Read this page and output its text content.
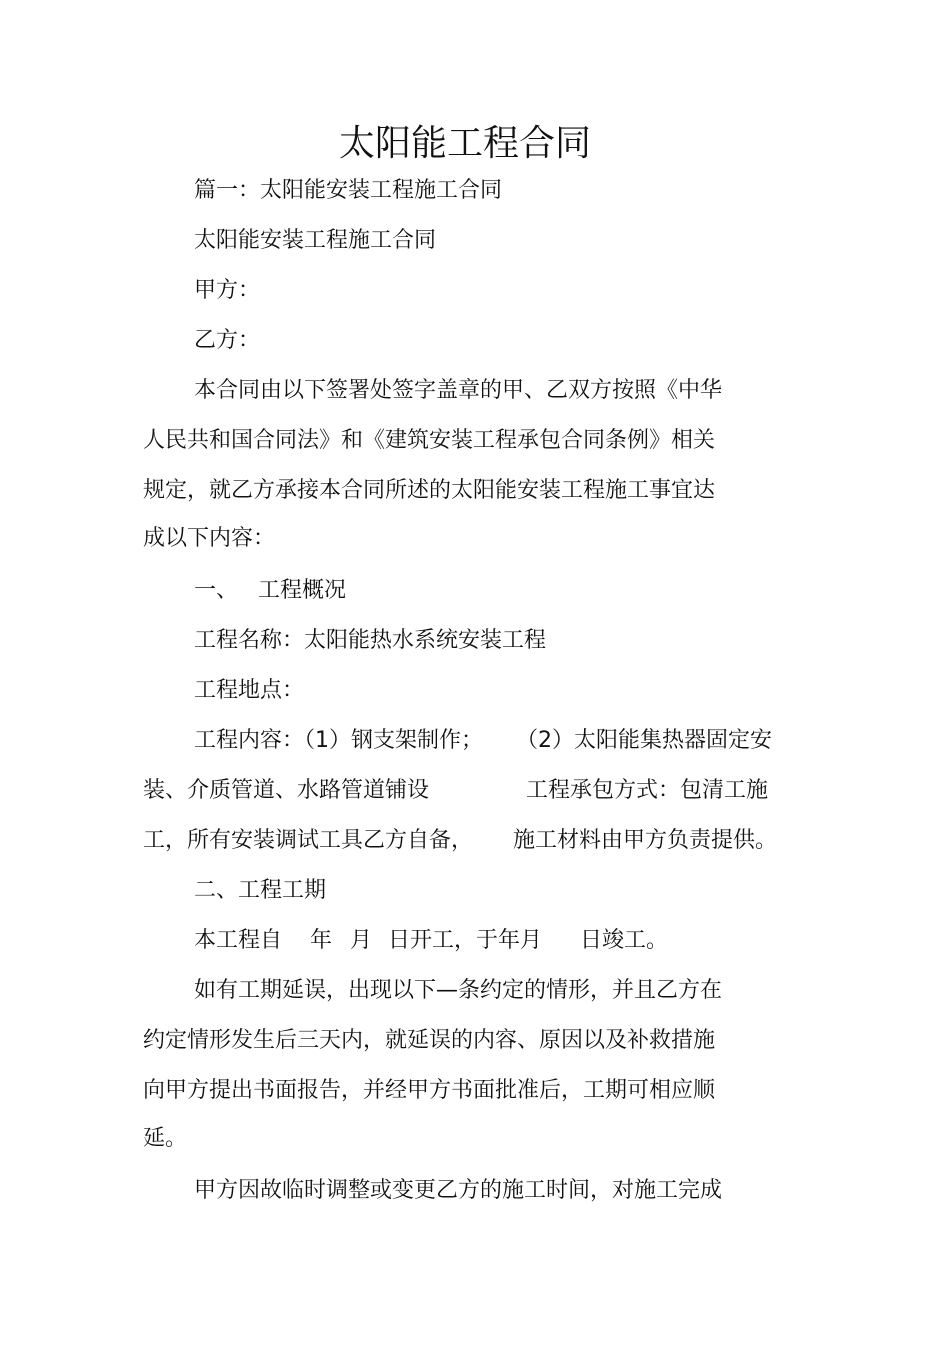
太阳能工程合同
篇一：太阳能安装工程施工合同
太阳能安装工程施工合同
甲方：
乙方：
本合同由以下签署处签字盖章的甲、乙双方按照《中华
人民共和国合同法》和《建筑安装工程承包合同条例》相关
规定，就乙方承接本合同所述的太阳能安装工程施工事宜达
成以下内容：
一、 工程概况
工程名称：太阳能热水系统安装工程
工程地点：
工程内容：（1）钢支架制作； （2）太阳能集热器固定安
装、介质管道、水路管道铺设	工程承包方式：包清工施
工，所有安装调试工具乙方自备， 施工材料由甲方负责提供。
二、工程工期
本工程自 年 月 日开工，于年月 日竣工。
如有工期延误，出现以下—条约定的情形，并且乙方在
约定情形发生后三天内，就延误的内容、原因以及补救措施
向甲方提出书面报告，并经甲方书面批准后，工期可相应顺
延。
甲方因故临时调整或变更乙方的施工时间，对施工完成
